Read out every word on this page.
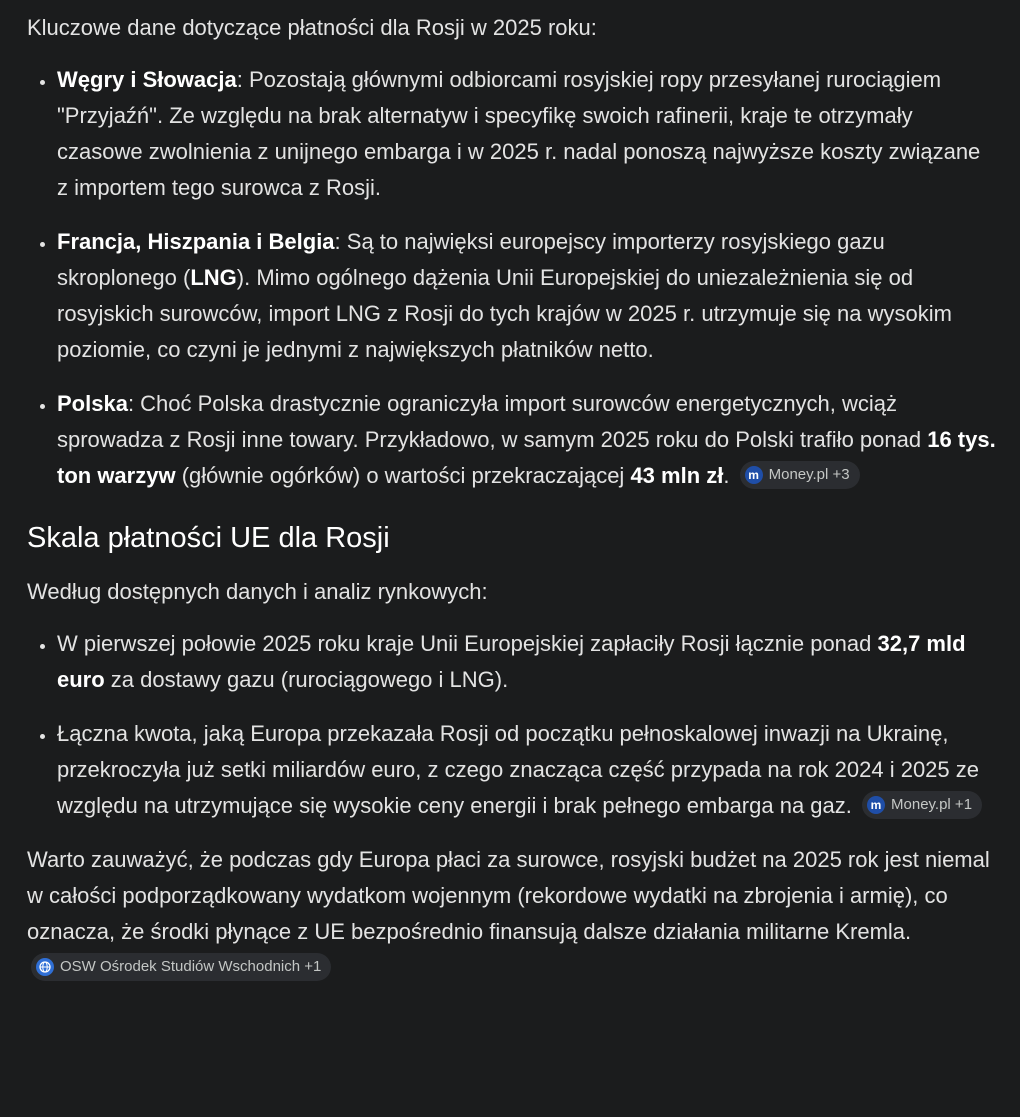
Kluczowe dane dotyczące płatności dla Rosji w 2025 roku:

• Węgry i Słowacja: Pozostają głównymi odbiorcami rosyjskiej ropy przesyłanej rurociągiem "Przyjaźń". Ze względu na brak alternatyw i specyfikę swoich rafinerii, kraje te otrzymały czasowe zwolnienia z unijnego embarga i w 2025 r. nadal ponoszą najwyższe koszty związane z importem tego surowca z Rosji.
• Francja, Hiszpania i Belgia: Są to najwięksi europejscy importerzy rosyjskiego gazu skroplonego (LNG). Mimo ogólnego dążenia Unii Europejskiej do uniezależnienia się od rosyjskich surowców, import LNG z Rosji do tych krajów w 2025 r. utrzymuje się na wysokim poziomie, co czyni je jednymi z największych płatników netto.
• Polska: Choć Polska drastycznie ograniczyła import surowców energetycznych, wciąż sprowadza z Rosji inne towary. Przykładowo, w samym 2025 roku do Polski trafiło ponad 16 tys. ton warzyw (głównie ogórków) o wartości przekraczającej 43 mln zł.	m Money.pl +3
Skala płatności UE dla Rosji

Według dostępnych danych i analiz rynkowych:

• W pierwszej połowie 2025 roku kraje Unii Europejskiej zapłaciły Rosji łącznie ponad 32,7 mld euro za dostawy gazu (rurociągowego i LNG).
• Łączna kwota, jaką Europa przekazała Rosji od początku pełnoskalowej inwazji na Ukrainę, przekroczyła już setki miliardów euro, z czego znacząca część przypada na rok 2024 i 2025 ze względu na utrzymujące się wysokie ceny energii i brak pełnego embarga na gaz.	m Money.pl +1

Warto zauważyć, że podczas gdy Europa płaci za surowce, rosyjski budżet na 2025 rok jest niemal w całości podporządkowany wydatkom wojennym (rekordowe wydatki na zbrojenia i armię), co oznacza, że środki płynące z UE bezpośrednio finansują dalsze działania militarne Kremla.
OSW Ośrodek Studiów Wschodnich +1
